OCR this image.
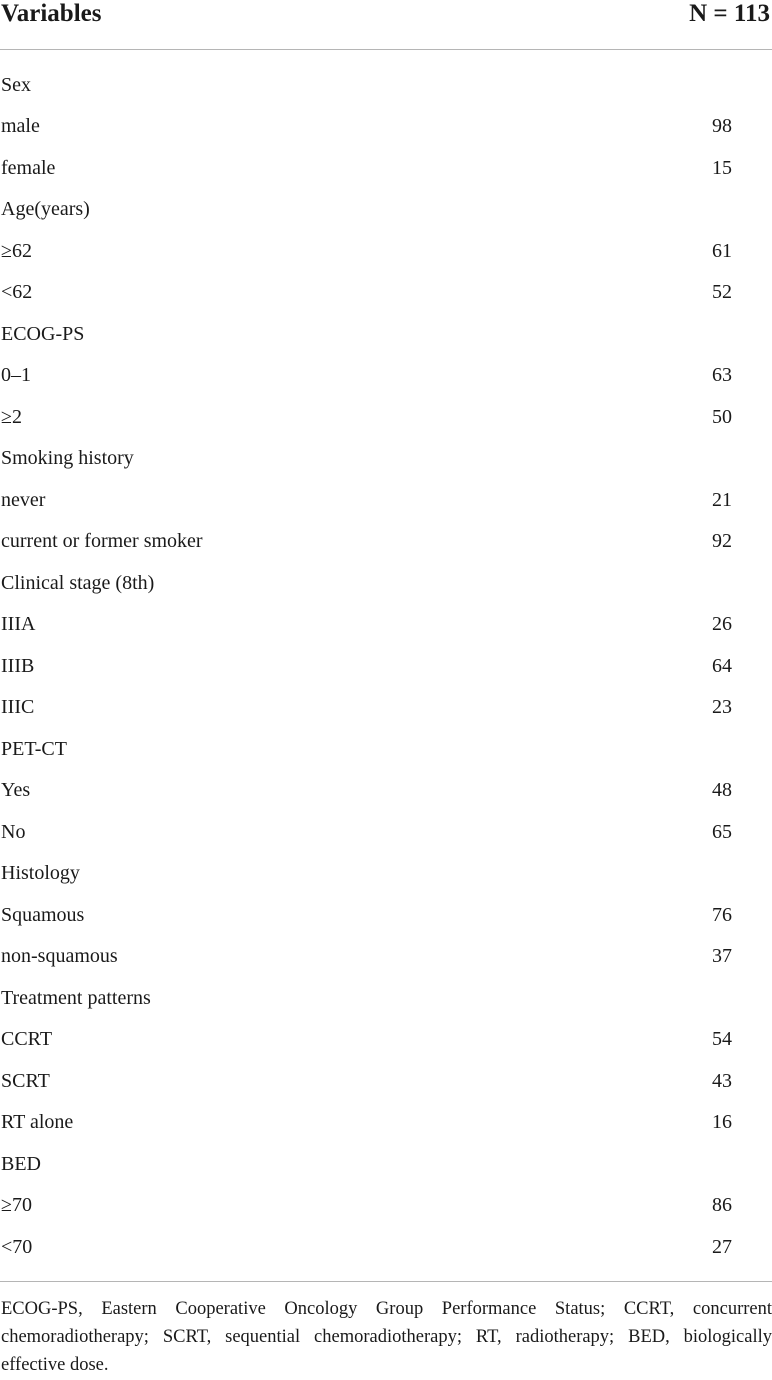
Variables	N = 113
Sex
male	98
female	15
Age(years)
≥62	61
<62	52
ECOG-PS
0–1	63
≥2	50
Smoking history
never	21
current or former smoker	92
Clinical stage (8th)
IIIA	26
IIIB	64
IIIC	23
PET-CT
Yes	48
No	65
Histology
Squamous	76
non-squamous	37
Treatment patterns
CCRT	54
SCRT	43
RT alone	16
BED
≥70	86
<70	27
ECOG-PS, Eastern Cooperative Oncology Group Performance Status; CCRT, concurrent chemoradiotherapy; SCRT, sequential chemoradiotherapy; RT, radiotherapy; BED, biologically effective dose.
